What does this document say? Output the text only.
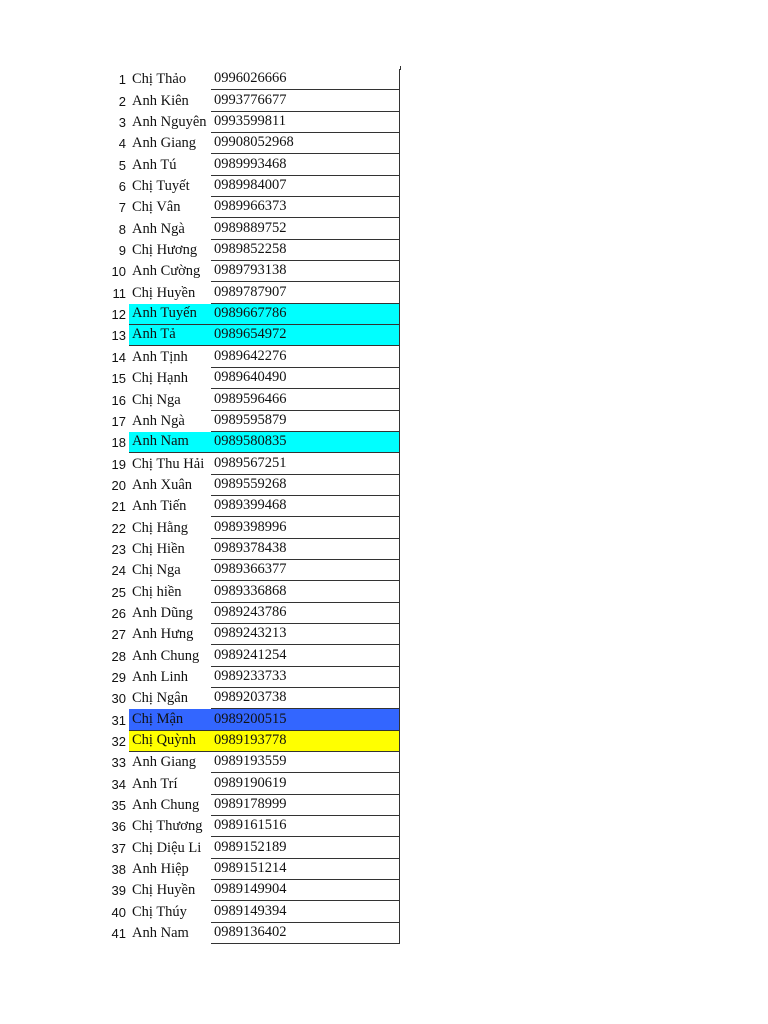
1 Chị Thảo	0996026666
2 Anh Kiên	0993776677
3 Anh Nguyên 0993599811
4 Anh Giang	09908052968
5 Anh Tú	0989993468
6 Chị Tuyết	0989984007
7 Chị Vân	0989966373
8 Anh Ngà	0989889752
9 Chị Hương	0989852258
10 Anh Cường 0989793138
11 Chị Huyền	0989787907
12 Anh Tuyến	0989667786
13 Anh Tả	0989654972
14 Anh Tịnh	0989642276
15 Chị Hạnh	0989640490
16 Chị Nga	0989596466
17 Anh Ngà	0989595879
18 Anh Nam	0989580835
19 Chị Thu Hải 0989567251
20 Anh Xuân	0989559268
21 Anh Tiến	0989399468
22 Chị Hằng	0989398996
23 Chị Hiền	0989378438
24 Chị Nga	0989366377
25 Chị hiền	0989336868
26 Anh Dũng	0989243786
27 Anh Hưng	0989243213
28 Anh Chung	0989241254
29 Anh Linh	0989233733
30 Chị Ngân	0989203738
31 Chị Mận	0989200515
32 Chị Quỳnh	0989193778
33 Anh Giang	0989193559
34 Anh Trí	0989190619
35 Anh Chung	0989178999
36 Chị Thương 0989161516
37 Chị Diệu Li 0989152189
38 Anh Hiệp	0989151214
39 Chị Huyền	0989149904
40 Chị Thúy	0989149394
41 Anh Nam	0989136402
